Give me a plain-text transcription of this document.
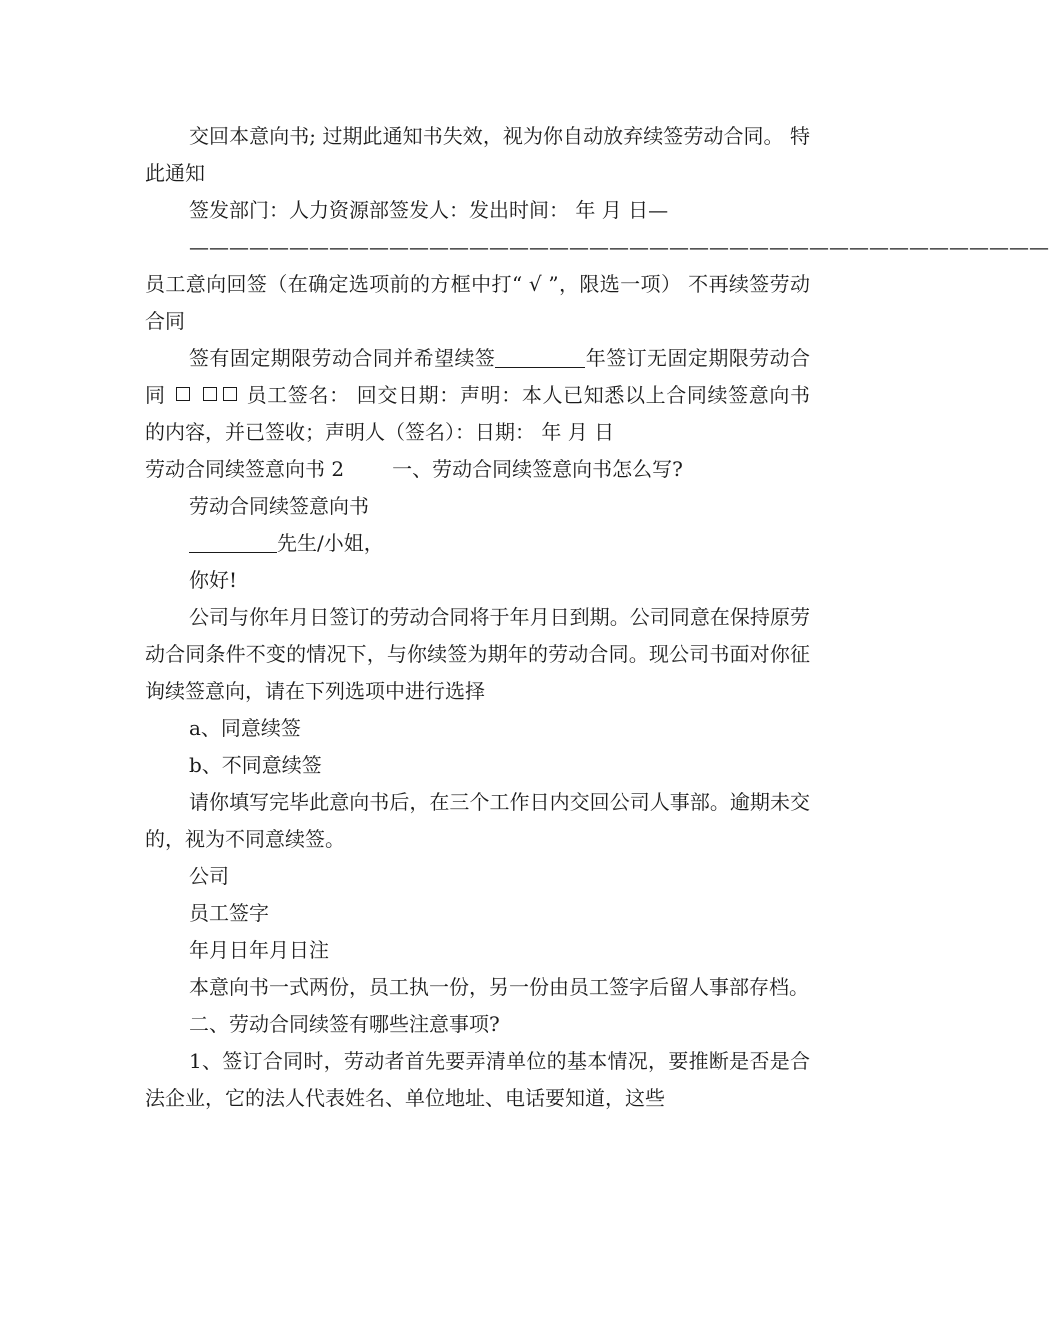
交回本意向书; 过期此通知书失效，视为你自动放弃续签劳动合同。 特此通知

签发部门：人力资源部签发人：发出时间： 年 月 日—

——————————————————————————————————————————— 员工意向回签（在确定选项前的方框中打“ √ ”，限选一项） 不再续签劳动合同

签有固定期限劳动合同并希望续签	年签订无固定期限劳动合同	员工签名： 回交日期：声明：本人已知悉以上合同续签意向书的内容，并已签收；声明人（签名）：日期： 年 月 日

劳动合同续签意向书 2 一、劳动合同续签意向书怎么写?

劳动合同续签意向书

先生/小姐，

你好!

公司与你年月日签订的劳动合同将于年月日到期。公司同意在保持原劳动合同条件不变的情况下，与你续签为期年的劳动合同。现公司书面对你征询续签意向，请在下列选项中进行选择

a、同意续签

b、不同意续签

请你填写完毕此意向书后，在三个工作日内交回公司人事部。逾期未交的，视为不同意续签。

公司

员工签字

年月日年月日注

本意向书一式两份，员工执一份，另一份由员工签字后留人事部存档。

二、劳动合同续签有哪些注意事项?

1、签订合同时，劳动者首先要弄清单位的基本情况，要推断是否是合法企业，它的法人代表姓名、单位地址、电话要知道，这些
